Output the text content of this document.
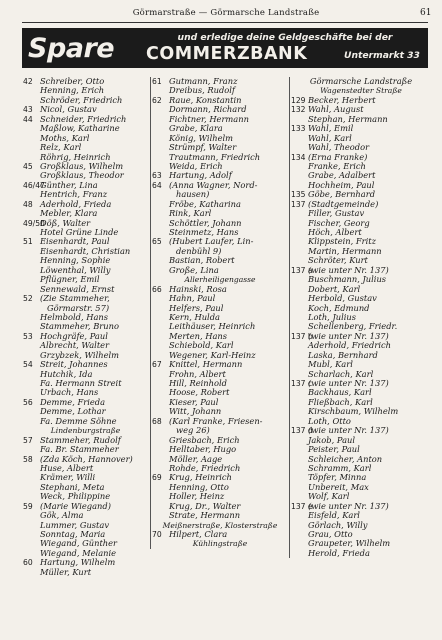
Görmarstraße — Görmarsche Landstraße	61
Spare	und erledige deine Geldgeschäfte bei der
COMMERZBANK	Untermarkt 33
42 Schreiber, Otto
Henning, Erich
Schröder, Friedrich
43 Nicol, Gustav
44 Schneider, Friedrich
Maßlow, Katharine
Moths, Karl
Relz, Karl
Röhrig, Heinrich
45 Großklaus, Wilhelm
Großklaus, Theodor
46/47Günther, Lina
Hentrich, Franz
48 Aderhold, Frieda
Mebler, Klara
49/50Döß, Walter
Hotel Grüne Linde
51 Eisenhardt, Paul
Eisenhardt, Christian
Henning, Sophie
Löwenthal, Willy
Pflügner, Emil
Sennewald, Ernst
52 (Zie Stammeher,
Görmarstr. 57)
Helmbold, Hans
Stammeher, Bruno
53 Hochgräfe, Paul
Albrecht, Walter
Grzybzek, Wilhelm
54 Streit, Johannes
Hutchik, Ida
Fa. Hermann Streit
Urbach, Hans
56 Demme, Frieda
Demme, Lothar
Fa. Demme Söhne
Lindenburgstraße
57 Stammeher, Rudolf
Fa. Br. Stammeher
58 (Zda Köch, Hannover)
Huse, Albert
Krämer, Willi
Stephani, Meta
Weck, Philippine
59 (Marie Wiegand)
Gök, Alma
Lummer, Gustav
Sonntag, Maria
Wiegand, Günther
Wiegand, Melanie
60 Hartung, Wilhelm
Müller, Kurt
61 Gutmann, Franz
Dreibus, Rudolf
62 Raue, Konstantin
Dormann, Richard
Fichtner, Hermann
Grabe, Klara
König, Wilhelm
Strümpf, Walter
Trautmann, Friedrich
Weida, Erich
63 Hartung, Adolf
64 (Anna Wagner, Nord-
hausen)
Fröbe, Katharina
Rink, Karl
Schöttler, Johann
Steinmetz, Hans
65 (Hubert Laufer, Lin-
denbühl 9)
Bastian, Robert
Große, Lina
Allerheiligengasse
66 Hainski, Rosa
Hahn, Paul
Helfers, Paul
Kern, Hulda
Leithäuser, Heinrich
Merten, Hans
Schiebold, Karl
Wegener, Karl-Heinz
67 Knittel, Hermann
Frohn, Albert
Hill, Reinhold
Hoose, Robert
Kieser, Paul
Witt, Johann
68 (Karl Franke, Friesen-
weg 26)
Griesbach, Erich
Helltaber, Hugo
Möller, Aage
Rohde, Friedrich
69 Krug, Heinrich
Henning, Otto
Holler, Heinz
Krug, Dr., Walter
Strate, Hermann
Meißnerstraße, Klosterstraße
70 Hilpert, Clara
Kühlingstraße
Görmarsche Landstraße
Wagenstedter Straße
129 Becker, Herbert
132 Wahl, August
Stephan, Hermann
133 Wahl, Emil
Wahl, Karl
Wahl, Theodor
134 (Erna Franke)
Franke, Erich
Grabe, Adalbert
Hochheim, Paul
135 Göbe, Bernhard
137 (Stadtgemeinde)
Filler, Gustav
Fischer, Georg
Höch, Albert
Klippstein, Fritz
Martin, Hermann
Schröter, Kurt
137 a(wie unter Nr. 137)
Buschmann, Julius
Dobert, Karl
Herbold, Gustav
Koch, Edmund
Loth, Julius
Schellenberg, Friedr.
137 b(wie unter Nr. 137)
Aderhold, Friedrich
Laska, Bernhard
Mubl, Karl
Scharlach, Karl
137 c(wie unter Nr. 137)
Backhaus, Karl
Fließbach, Karl
Kirschbaum, Wilhelm
Loth, Otto
137 d(wie unter Nr. 137)
Jakob, Paul
Peister, Paul
Schleicher, Anton
Schramm, Karl
Töpfer, Minna
Unbereit, Max
Wolf, Karl
137 e(wie unter Nr. 137)
Eisfeld, Karl
Görlach, Willy
Grau, Otto
Graupeter, Wilhelm
Herold, Frieda
